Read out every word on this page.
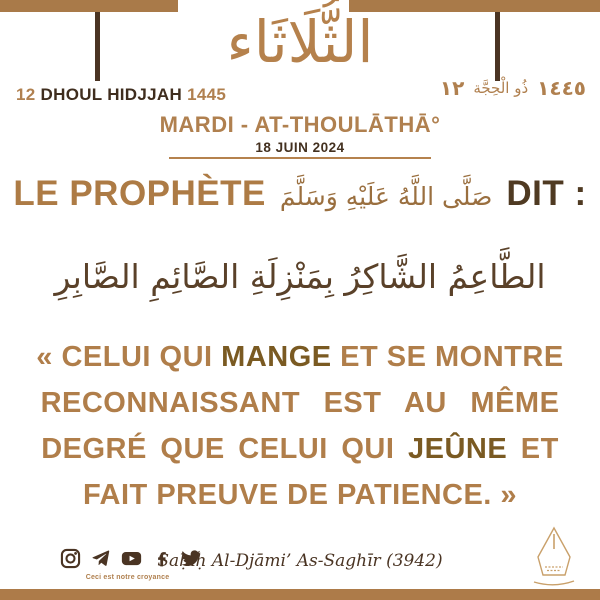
الثُّلَاثَاء
12 DHOUL HIDJJAH 1445	١٢ ذُو الْحِجَّة ١٤٤٥
MARDI - AT-THOULĀTHĀ°
18 JUIN 2024
LE PROPHÈTE صَلَّى اللَّهُ عَلَيْهِ وَسَلَّمَ DIT :
الطَّاعِمُ الشَّاكِرُ بِمَنْزِلَةِ الصَّائِمِ الصَّابِرِ
« CELUI QUI MANGE ET SE MONTRE
RECONNAISSANT EST AU MÊME
DEGRÉ QUE CELUI QUI JEÛNE ET
FAIT PREUVE DE PATIENCE. »
Ceci est notre croyance
Saḥīḥ Al-Djāmi’ As-Saghīr (3942)
